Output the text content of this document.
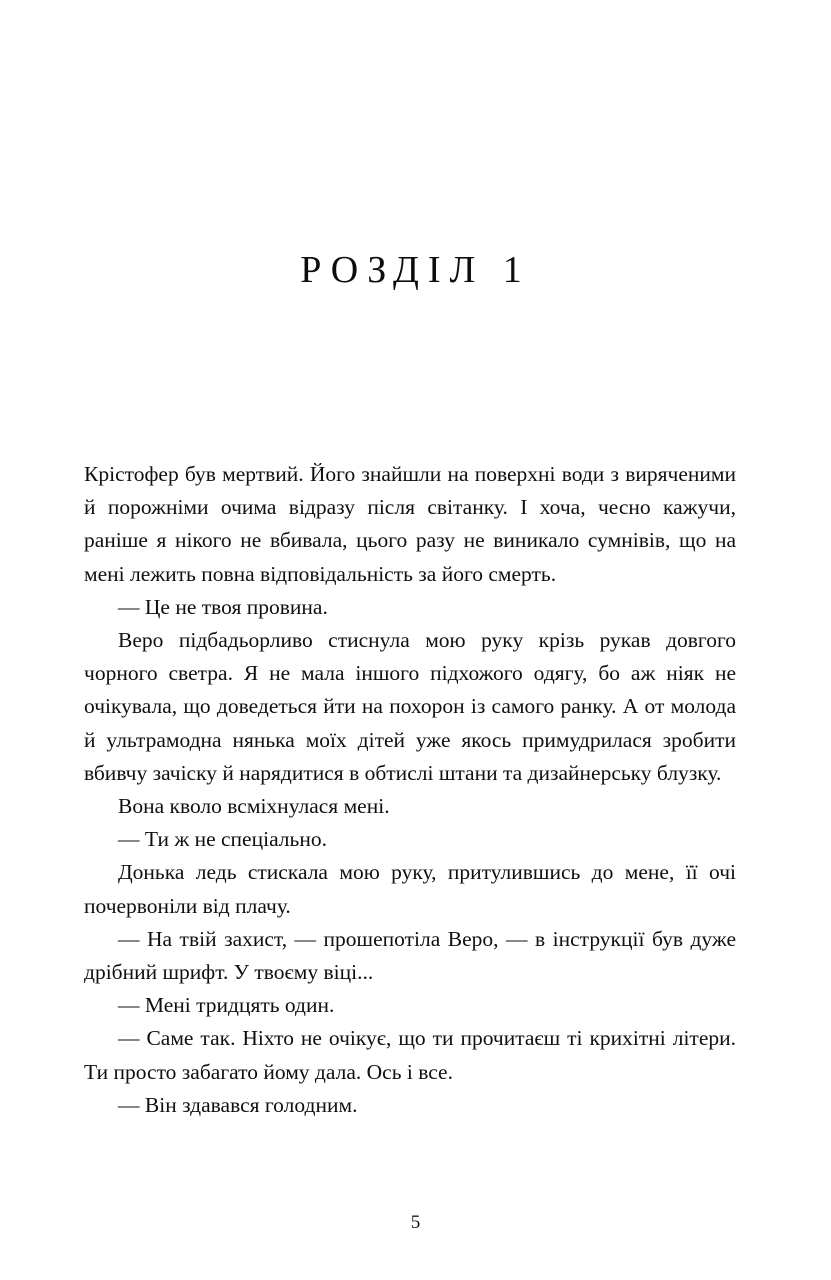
РОЗДІЛ 1

Крістофер був мертвий. Його знайшли на поверхні води з виряченими й порожніми очима відразу після світанку. І хоча, чесно кажучи, раніше я нікого не вбивала, цього разу не виникало сумнівів, що на мені лежить повна відповідальність за його смерть.

— Це не твоя провина.

Веро підбадьорливо стиснула мою руку крізь рукав довгого чорного светра. Я не мала іншого підхожого одягу, бо аж ніяк не очікувала, що доведеться йти на похорон із самого ранку. А от молода й ультрамодна нянька моїх дітей уже якось примудрилася зробити вбивчу зачіску й нарядитися в обтислі штани та дизайнерську блузку.

Вона кволо всміхнулася мені.

— Ти ж не спеціально.

Донька ледь стискала мою руку, притулившись до мене, її очі почервоніли від плачу.

— На твій захист, — прошепотіла Веро, — в інструкції був дуже дрібний шрифт. У твоєму віці...

— Мені тридцять один.

— Саме так. Ніхто не очікує, що ти прочитаєш ті крихітні літери. Ти просто забагато йому дала. Ось і все.

— Він здавався голодним.

5
